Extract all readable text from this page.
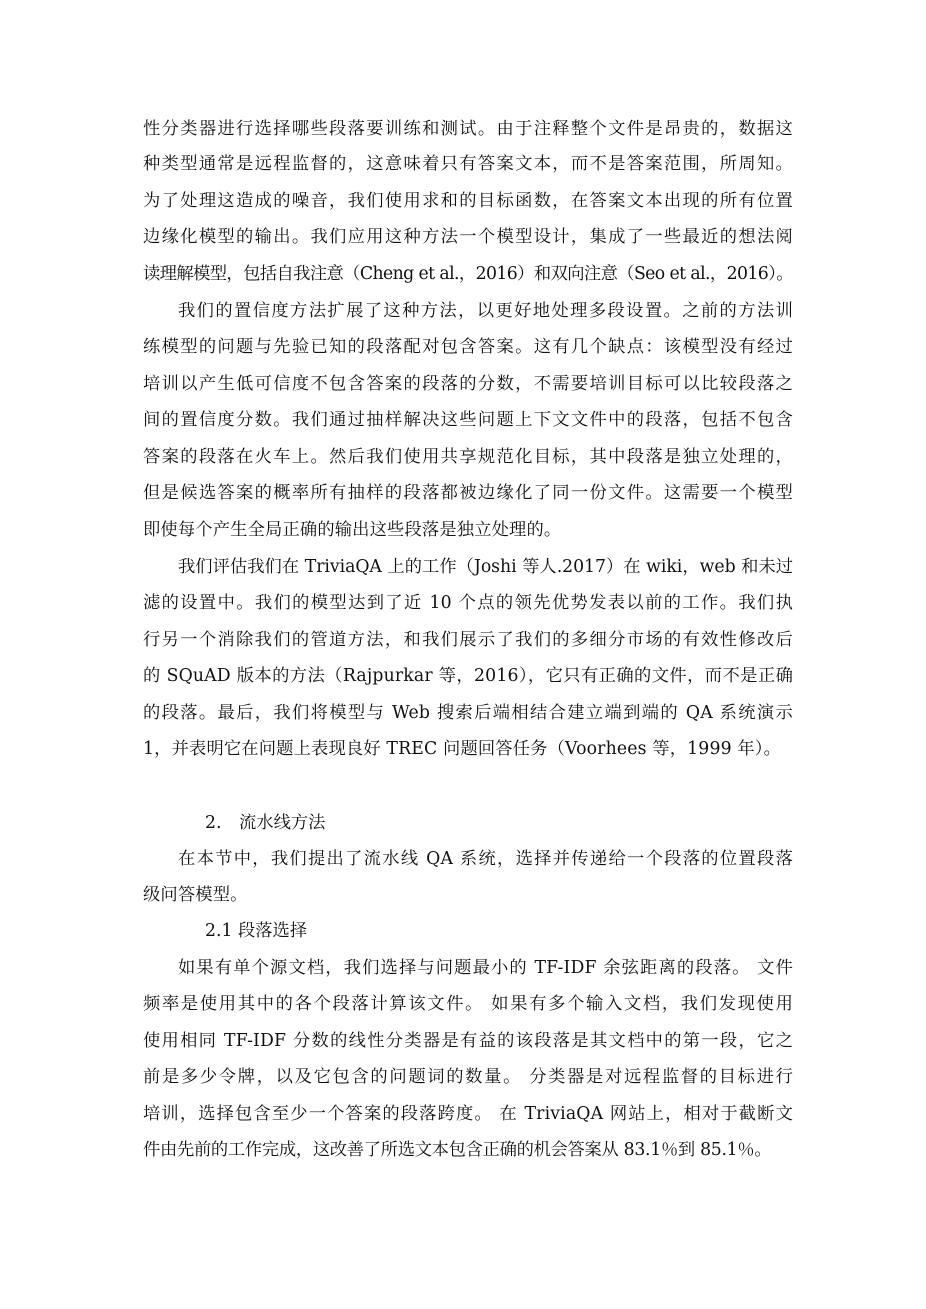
性分类器进行选择哪些段落要训练和测试。由于注释整个文件是昂贵的，数据这
种类型通常是远程监督的，这意味着只有答案文本，而不是答案范围，所周知。
为了处理这造成的噪音，我们使用求和的目标函数，在答案文本出现的所有位置
边缘化模型的输出。我们应用这种方法一个模型设计，集成了一些最近的想法阅
读理解模型，包括自我注意（Cheng et al.，2016）和双向注意（Seo et al.，2016）。
我们的置信度方法扩展了这种方法，以更好地处理多段设置。之前的方法训
练模型的问题与先验已知的段落配对包含答案。这有几个缺点：该模型没有经过
培训以产生低可信度不包含答案的段落的分数，不需要培训目标可以比较段落之
间的置信度分数。我们通过抽样解决这些问题上下文文件中的段落，包括不包含
答案的段落在火车上。然后我们使用共享规范化目标，其中段落是独立处理的，
但是候选答案的概率所有抽样的段落都被边缘化了同一份文件。这需要一个模型
即使每个产生全局正确的输出这些段落是独立处理的。
我们评估我们在 TriviaQA 上的工作（Joshi 等人.2017）在 wiki，web 和未过
滤的设置中。我们的模型达到了近 10 个点的领先优势发表以前的工作。我们执
行另一个消除我们的管道方法，和我们展示了我们的多细分市场的有效性修改后
的 SQuAD 版本的方法（Rajpurkar 等，2016），它只有正确的文件，而不是正确
的段落。最后，我们将模型与 Web 搜索后端相结合建立端到端的 QA 系统演示
1，并表明它在问题上表现良好 TREC 问题回答任务（Voorhees 等，1999 年）。
2. 流水线方法
在本节中，我们提出了流水线 QA 系统，选择并传递给一个段落的位置段落
级问答模型。
2.1 段落选择
如果有单个源文档，我们选择与问题最小的 TF-IDF 余弦距离的段落。 文件
频率是使用其中的各个段落计算该文件。 如果有多个输入文档，我们发现使用
使用相同 TF-IDF 分数的线性分类器是有益的该段落是其文档中的第一段，它之
前是多少令牌，以及它包含的问题词的数量。 分类器是对远程监督的目标进行
培训，选择包含至少一个答案的段落跨度。 在 TriviaQA 网站上，相对于截断文
件由先前的工作完成，这改善了所选文本包含正确的机会答案从 83.1％到 85.1％。
